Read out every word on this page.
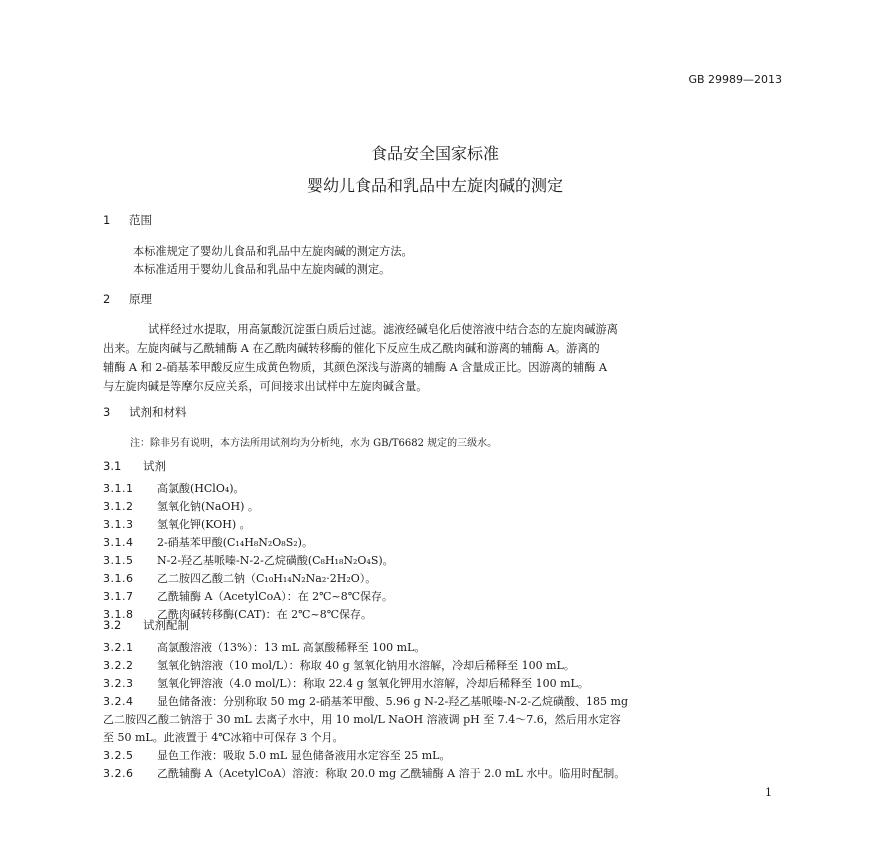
GB 29989—2013
食品安全国家标准
婴幼儿食品和乳品中左旋肉碱的测定
1 范围
本标准规定了婴幼儿食品和乳品中左旋肉碱的测定方法。
本标准适用于婴幼儿食品和乳品中左旋肉碱的测定。
2 原理
试样经过水提取，用高氯酸沉淀蛋白质后过滤。滤液经碱皂化后使溶液中结合态的左旋肉碱游离
出来。左旋肉碱与乙酰辅酶 A 在乙酰肉碱转移酶的催化下反应生成乙酰肉碱和游离的辅酶 A。游离的
辅酶 A 和 2-硝基苯甲酸反应生成黄色物质，其颜色深浅与游离的辅酶 A 含量成正比。因游离的辅酶 A
与左旋肉碱是等摩尔反应关系，可间接求出试样中左旋肉碱含量。
3 试剂和材料
注：除非另有说明，本方法所用试剂均为分析纯，水为 GB/T6682 规定的三级水。
3.1 试剂
3.1.1 高氯酸(HClO₄)。
3.1.2 氢氧化钠(NaOH) 。
3.1.3 氢氧化钾(KOH) 。
3.1.4 2-硝基苯甲酸(C₁₄H₈N₂O₈S₂)。
3.1.5 N-2-羟乙基哌嗪-N-2-乙烷磺酸(C₈H₁₈N₂O₄S)。
3.1.6 乙二胺四乙酸二钠（C₁₀H₁₄N₂Na₂·2H₂O）。
3.1.7 乙酰辅酶 A（AcetylCoA）：在 2℃~8℃保存。
3.1.8 乙酰肉碱转移酶(CAT)：在 2℃~8℃保存。
3.2 试剂配制
3.2.1 高氯酸溶液（13%）：13 mL 高氯酸稀释至 100 mL。
3.2.2 氢氧化钠溶液（10 mol/L）：称取 40 g 氢氧化钠用水溶解，冷却后稀释至 100 mL。
3.2.3 氢氧化钾溶液（4.0 mol/L）：称取 22.4 g 氢氧化钾用水溶解，冷却后稀释至 100 mL。
3.2.4 显色储备液：分别称取 50 mg 2-硝基苯甲酸、5.96 g N-2-羟乙基哌嗪-N-2-乙烷磺酸、185 mg
乙二胺四乙酸二钠溶于 30 mL 去离子水中，用 10 mol/L NaOH 溶液调 pH 至 7.4～7.6，然后用水定容
至 50 mL。此液置于 4℃冰箱中可保存 3 个月。
3.2.5 显色工作液：吸取 5.0 mL 显色储备液用水定容至 25 mL。
3.2.6 乙酰辅酶 A（AcetylCoA）溶液：称取 20.0 mg 乙酰辅酶 A 溶于 2.0 mL 水中。临用时配制。
1
